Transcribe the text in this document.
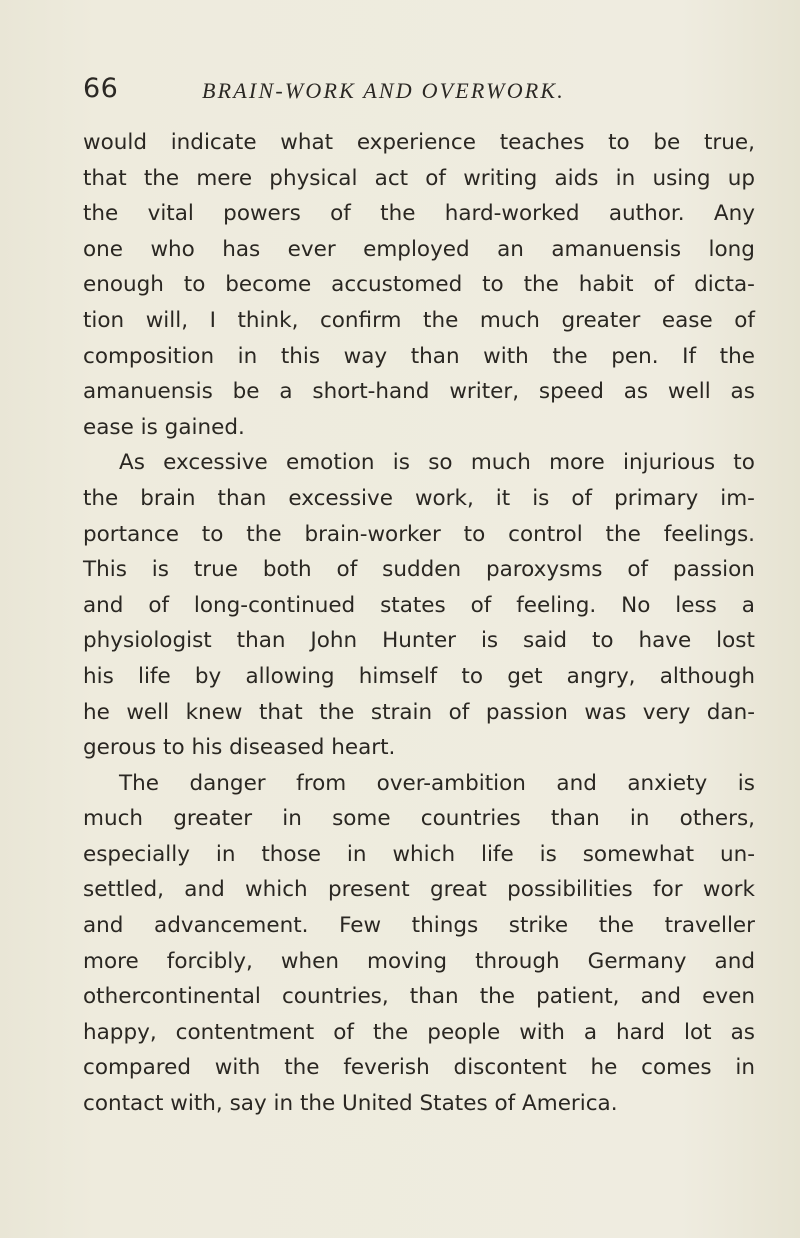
66	BRAIN-WORK AND OVERWORK.
would indicate what experience teaches to be true,
that the mere physical act of writing aids in using up
the vital powers of the hard-worked author. Any
one who has ever employed an amanuensis long
enough to become accustomed to the habit of dicta-
tion will, I think, confirm the much greater ease of
composition in this way than with the pen. If the
amanuensis be a short-hand writer, speed as well as
ease is gained.
As excessive emotion is so much more injurious to
the brain than excessive work, it is of primary im-
portance to the brain-worker to control the feelings.
This is true both of sudden paroxysms of passion
and of long-continued states of feeling. No less a
physiologist than John Hunter is said to have lost
his life by allowing himself to get angry, although
he well knew that the strain of passion was very dan-
gerous to his diseased heart.
The danger from over-ambition and anxiety is
much greater in some countries than in others,
especially in those in which life is somewhat un-
settled, and which present great possibilities for work
and advancement. Few things strike the traveller
more forcibly, when moving through Germany and
othercontinental countries, than the patient, and even
happy, contentment of the people with a hard lot as
compared with the feverish discontent he comes in
contact with, say in the United States of America.
